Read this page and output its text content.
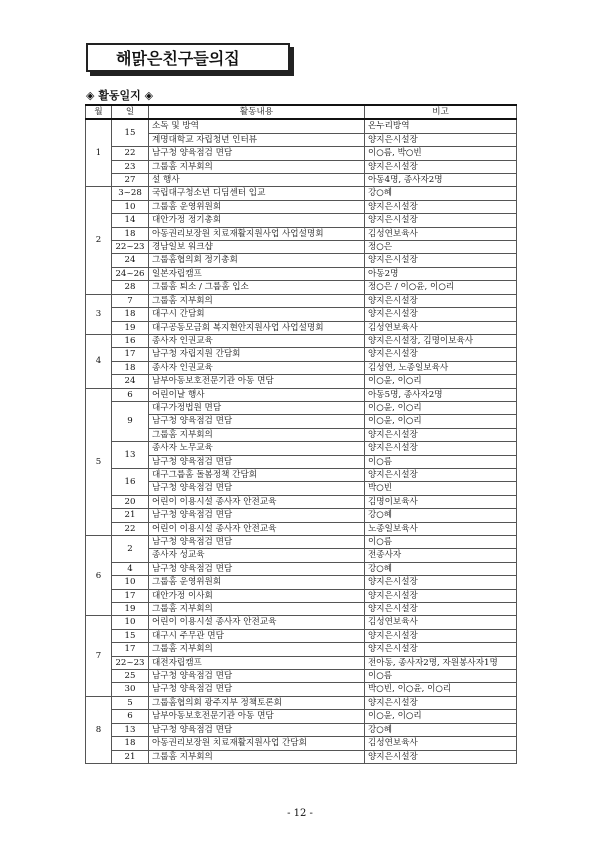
해맑은친구들의집
◈ 활동일지 ◈
월	일	활동내용	비고
1	15	소독 및 방역	온누리방역
		계명대학교 자립청년 인터뷰	양지은시설장
	22	남구청 양육점검 면담	이○름, 박○빈
	23	그룹홈 지부회의	양지은시설장
	27	설 행사	아동4명, 종사자2명
2	3~28	국립대구청소년 디딤센터 입교	강○혜
	10	그룹홈 운영위원회	양지은시설장
	14	대안가정 정기총회	양지은시설장
	18	아동권리보장원 치료재활지원사업 사업설명회	김성연보육사
	22~23	경남일보 워크샵	정○은
	24	그룹홈협의회 정기총회	양지은시설장
	24~26	일본자립캠프	아동2명
	28	그룹홈 퇴소 / 그룹홈 입소	정○은 / 이○윤, 이○리
3	7	그룹홈 지부회의	양지은시설장
	18	대구시 간담회	양지은시설장
	19	대구공동모금회 복지현안지원사업 사업설명회	김성연보육사
4	16	종사자 인권교육	양지은시설장, 김명이보육사
	17	남구청 자립지원 간담회	양지은시설장
	18	종사자 인권교육	김성연, 노종일보육사
	24	남부아동보호전문기관 아동 면담	이○윤, 이○리
5	6	어린이날 행사	아동5명, 종사자2명
	9	대구가정법원 면담	이○윤, 이○리
		남구청 양육점검 면담	이○윤, 이○리
		그룹홈 지부회의	양지은시설장
	13	종사자 노무교육	양지은시설장
		남구청 양육점검 면담	이○름
	16	대구그룹홈 돌봄정책 간담회	양지은시설장
		남구청 양육점검 면담	박○빈
	20	어린이 이용시설 종사자 안전교육	김명이보육사
	21	남구청 양육점검 면담	강○혜
	22	어린이 이용시설 종사자 안전교육	노종일보육사
6	2	남구청 양육점검 면담	이○름
		종사자 성교육	전종사자
	4	남구청 양육점검 면담	강○혜
	10	그룹홈 운영위원회	양지은시설장
	17	대안가정 이사회	양지은시설장
	19	그룹홈 지부회의	양지은시설장
7	10	어린이 이용시설 종사자 안전교육	김성연보육사
	15	대구시 주무관 면담	양지은시설장
	17	그룹홈 지부회의	양지은시설장
	22~23	대전자립캠프	전아동, 종사자2명, 자원봉사자1명
	25	남구청 양육점검 면담	이○름
	30	남구청 양육점검 면담	박○빈, 이○윤, 이○리
8	5	그룹홈협의회 광주지부 정책토론회	양지은시설장
	6	남부아동보호전문기관 아동 면담	이○윤, 이○리
	13	남구청 양육점검 면담	강○혜
	18	아동권리보장원 치료재활지원사업 간담회	김성연보육사
	21	그룹홈 지부회의	양지은시설장
- 12 -
